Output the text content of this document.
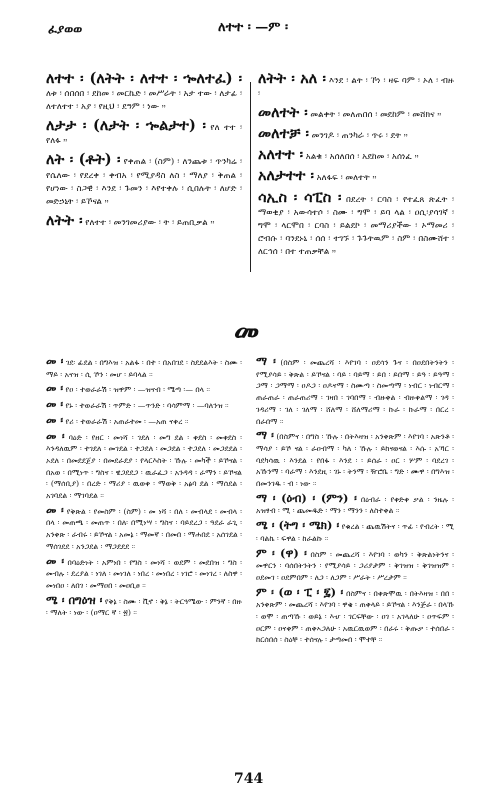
ፈያወወ	ለተተ ፡ —ም ፡

ለተተ ፡ (ለትት ፡ ለተተ ፡ ኈለተፈ) ፡ ለቱ ፡ ሰበሰበ ፡ ደከመ ፡ መርኬድ ፡ መሥራት ፡ አታ ተው ፡ ለታፊ ፡ ለተለተተ ፡ አያ ፡ የዚህ ፡ ደዓም ፡ ነው ።

ለታታ ፡ (ለታት ፡ ኈልታተ) ፡ የለ ተተ ፡ የለፋ ።

ለት ፡ (ቶት) ፡ የቀጠል ፡ (ስም) ፡ ለንጨቱ ፡ ጥንካሬ ፡ የሴለው ፡ የደረቀ ፡ ቀብአ ፡ የሚያዳስ ለስ ፡ ማለያ ፡ ቅጠል ፡ የሆነው ፡ ስጋዊ ፡ እንደ ፡ ጉመን ፡ እየተቀሉ ፡ ሲበሉት ፡ ለሆድ ፡ መድኃኒት ፡ ይኾናል ።

ለትት ፡ የለተተ ፡ መንገመሪያው ፡ ት ፡ ይጠቢቃል ።

ለትት ፡ አለ ፡ እንደ ፡ ልት ፡ ኾነ ፡ ዛፍ ባም ፡ ኦለ ፡ ብዙ ፡

መለተት ፡ መልቀት ፡ መለጠበሰ ፡ መደከም ፡ መሸክና ።

መለተቻ ፡ መንገዶ ፡ ጠንካራ ፡ ጥሩ ፡ ደት ።

አለተተ ፡ አልቁ ፡ አሰለበሰ ፡ አደከመ ፡ አሰነፈ ።

አለታተተ ፡ አለፋፍ ፡ መለተት ።

ሳኢስ ፡ ሳፒስ ፡ በደረት ፡ ርባስ ፡ የተፈጸ ጽፈት ፡ ማወቂያ ፡ አውሳተሶ ፡ ስሙ ፡ ግሞ ፡ ይባ ላል ፡ ዐሲ፡ያሳገኛ ፡ ግሞ ፡ ላርሞበ ፡ ርባስ ፡ ይልደኮ ፡ መማሪያችው ፡ ኦማመሪ ፡ ሮብሱ ፡ ባንደኑኒ ፡ ሰሰ ፡ ተገኙ ፡ ጉጉትዉም ፡ ስም ፡ በስሙሸተ ፡ ለርኅሰ ፡ በተ ተጠቃቸል ።

መ

መ ፡ ገደ፡ ፊደል ፡ በግእዝ ፡ አልፋ ፡ በተ ፡ በአበገደ ፡ ስደደልእት ፡ ስሙ ፡ ማይ ፡ አናዝ ፡ ሲ ኾን ፡ መሆ ፡ ይባላል ።

መ ፡ የዐ ፡ ተወራራሽ ፡ ዝዋም ፡ —ዝናብ ፡ ሜጣ ፡— በላ ።

መ ፡ የኑ ፡ ተወራራሽ ፡ ጥምድ ፡ —ጥንድ ፡ ባሳምማ ፡ —ባለንዝ ።

መ ፡ የሪ ፡ ተወራራሽ ፡ አጠራተመ ፡ —አጠ ናቀረ ።

መ ፡ ባዕድ ፡ የዘር ፡ መነሻ ፡ ገደለ ፡ መግ ደል ፡ ቀደስ ፡ መቀደስ ፡ እንዳለዉም ፡ ተገደለ ፡ መገደል ፡ ተጋደለ ፡ መጋደል ፡ ተጋደለ ፡ መጋደደል ፡ ኦደለ ፡ በመደደጀያ ፡ በመደራደያ ፡ የላርእስት ፡ ኹሉ ፡ መካች ፡ ይኾናል ፡ በአወ ፡ በሚነጥ ፡ ግስና ፡ ዌጋደደጋ ፡ ዉራፈጋ ፡ አንዳዳ ፡ ራማን ፡ ይኾናል ፡ (ማሰቢያ) ፡ በረድ ፡ ማሪያ ፡ ዉወቀ ፡ ማወቅ ፡ አፅባ ደል ፡ ማሰደል ፡ አገባደል ፡ ማገባደል ።

መ ፡ የቅጽል ፡ የመስም ፡ (ስም) ፡ መ ነሻ ፡ በለ ፡ መብላደ ፡ መብላ ፡ በላ ፡ መጠጫ ፡ መጠጥ ፡ በለ፡ በሚነሣ ፡ ግስና ፡ ባይደረጋ ፡ ዓደራ ራጊ ፡ አንቀጽ ፡ ራብሩ ፡ ይኾናል ፡ አመኔ ፡ ማመኛ ፡ በመበ ፡ ማሐበደ ፡ አሰገደል ፡ ማሰገደደ ፡ አንጋደል ፡ ማጋደደደ ።

መ ፡ በባዕድነት ፡ አምነበ ፡ የግስ ፡ መነሻ ፡ ወደም ፡ መደበዝ ፡ ግስ ፡ መብሉ ፡ ደረያል ፡ ነገለ ፡ መነገለ ፡ ነበረ ፡ መነበረ ፡ ነገሮ ፡ መነገረ ፡ ለስዋ ፡ መነበዐ ፡ ለበገ ፡ መማዐበ ፡ መዐቢፀ ።

ሜ ፡ በግዕዝ ፡ የቅኔ ፡ ስሙ ፡ ቪኖ ፡ ቅኔ ፡ ትርጓሜው ፡ ምንኛ ፡ በዙ ፡ ማለት ፡ ነው ፡ (ዐማር ኛ ፡ ፳) ።

ማ ፡ (በስም ፡ መጨረሻ ፡ እየገባ ፡ ዐደሳን ጉና ፡ በዐደበትንትን ፡ የሚያሳይ ፡ ቅጽል ፡ ይኾናል ፡ ባይ ፡ ባይማ ፡ ይበ ፡ ይበማ ፡ ይዓ ፡ ይዓማ ፡ ጋማ ፡ ጋማማ ፡ ዐዶጋ ፡ ዐዶናማ ፡ ስሙጣ ፡ ስመጣማ ፡ ነብር ፡ ነብርማ ፡ ጠራጠራ ፡ ጠራጠሪማ ፡ ገዛበ ፡ ገባበማ ፡ ብዙቀል ፡ ብዙቀልማ ፡ ገዳ ፡ ገዳሪማ ፡ ገለ ፡ ገለማ ፡ ሸለማ ፡ ሸለማሪማ ፡ ኩራ ፡ ኩራማ ፡ በርረ ፡ በራበማ ።

ማ ፡ (በስምና ፡ በግስ ፡ ኹሉ ፡ በትእዛዝ ፡ አንቀጽም ፡ እየገባ ፡ አጽንቶ ፡ ማሳያ ፡ ይኾ ናል ፡ ራዐብማ ፡ ካለ ፡ ኹሉ ፡ ይከናወናል ፡ እሱ ፡ አኻር ፡ ባደካሳዉ ፡ እንደል ፡ የበፋ ፡ እንደ ፡ ፡ ይሰራ ፡ ዐር ፡ ሦም ፡ ባደረገ ፡ አኹንማ ፡ ባራማ ፡ እንደዚ ፡ ገኑ ፡ ትንማ ፡ ዥሮቤ ፡ ግድ ፡ ሙዋ ፡ በግእዝ ፡ በመንገዱ ፡ ብ ፡ ነው ።

ማ ፡ (ዕብ) ፡ (ምን) ፡ በዕብራ ፡ የቀድቀ ቃል ፡ ንዜሉ ፡ አዝፃብ ፡ ሚ ፡ ጨመዱድ ፡ ማን ፡ ማንን ፡ ለስተቀል ።

ሜ ፡ (ትግ ፡ ሜክ) ፡ የቁረል ፡ ጨዉሽትና ፡ ጥፊ ፡ የብረት ፡ ሚ ፡ ባልኬ ፡ ፍዋል ፡ ከራልኩ ።

ም ፡ (ዋ) ፡ በስም ፡ መጨረሻ ፡ እየገባ ፡ ወካን ፡ ቅጽልነትንና ፡ መዋርን ፡ ባሰበትንትን ፡ የሚያሳይ ፡ ጋሪያታም ፡ ቅገዝዝ ፡ ቅገዝዝም ፡ ዐደመገ ፡ ዐደምበም ፡ ለጋ ፡ ለጋም ፡ ሥራት ፡ ሥረታም ።

ም ፡ (ወ ፡ ፒ ፡ ፯) ፡ በስምና ፡ በቀጽሞዉ ፡ በትእዛዝ ፡ በበ ፡ አንቀጽም ፡ መጨረሻ ፡ እየገባ ፡ ዋቄ ፡ ጠቀላይ ፡ ይኾናል ፡ እንጅራ ፡ በላኹ ፡ ወሞ ፡ ጠጣኹ ፡ ወይኔ ፡ እሇ ፡ ገርፍቸው ፡ ዐገ ፡ አገላለሁ ፡ ዐጥፍም ፡ ዐርም ፡ ዐናቀም ፡ ጠቀኣጋለሁ ፡ አዉርዉወም ፡ በራሩ ፡ ቅጡቃ ፡ ተሰበራ ፡ ከርሰበሰ ፡ ስዕቸ ፡ ተሰናሉ ፡ ታጣመበ ፡ ሞተቸ ።

744
